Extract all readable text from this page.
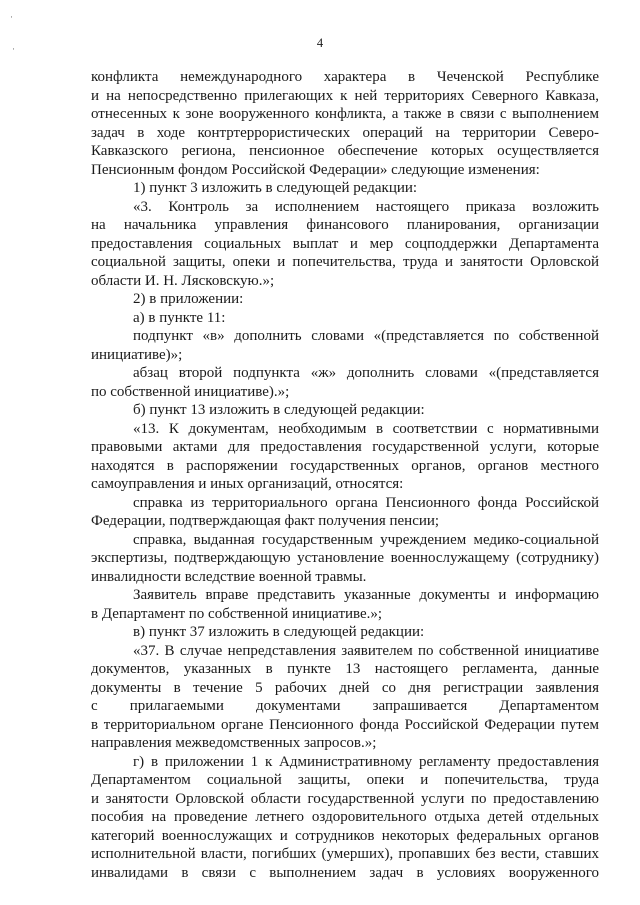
·
·	4
конфликта немеждународного характера в Чеченской Республике
и на непосредственно прилегающих к ней территориях Северного Кавказа,
отнесенных к зоне вооруженного конфликта, а также в связи с выполнением
задач в ходе контртеррористических операций на территории Северо-
Кавказского региона, пенсионное обеспечение которых осуществляется
Пенсионным фондом Российской Федерации» следующие изменения:
1) пункт 3 изложить в следующей редакции:
«3. Контроль за исполнением настоящего приказа возложить
на начальника управления финансового планирования, организации
предоставления социальных выплат и мер соцподдержки Департамента
социальной защиты, опеки и попечительства, труда и занятости Орловской
области И. Н. Лясковскую.»;
2) в приложении:
а) в пункте 11:
подпункт «в» дополнить словами «(представляется по собственной
инициативе)»;
абзац второй подпункта «ж» дополнить словами «(представляется
по собственной инициативе).»;
б) пункт 13 изложить в следующей редакции:
«13. К документам, необходимым в соответствии с нормативными
правовыми актами для предоставления государственной услуги, которые
находятся в распоряжении государственных органов, органов местного
самоуправления и иных организаций, относятся:
справка из территориального органа Пенсионного фонда Российской
Федерации, подтверждающая факт получения пенсии;
справка, выданная государственным учреждением медико-социальной
экспертизы, подтверждающую установление военнослужащему (сотруднику)
инвалидности вследствие военной травмы.
Заявитель вправе представить указанные документы и информацию
в Департамент по собственной инициативе.»;
в) пункт 37 изложить в следующей редакции:
«37. В случае непредставления заявителем по собственной инициативе
документов, указанных в пункте 13 настоящего регламента, данные
документы в течение 5 рабочих дней со дня регистрации заявления
с прилагаемыми документами запрашивается Департаментом
в территориальном органе Пенсионного фонда Российской Федерации путем
направления межведомственных запросов.»;
г) в приложении 1 к Административному регламенту предоставления
Департаментом социальной защиты, опеки и попечительства, труда
и занятости Орловской области государственной услуги по предоставлению
пособия на проведение летнего оздоровительного отдыха детей отдельных
категорий военнослужащих и сотрудников некоторых федеральных органов
исполнительной власти, погибших (умерших), пропавших без вести, ставших
инвалидами в связи с выполнением задач в условиях вооруженного
